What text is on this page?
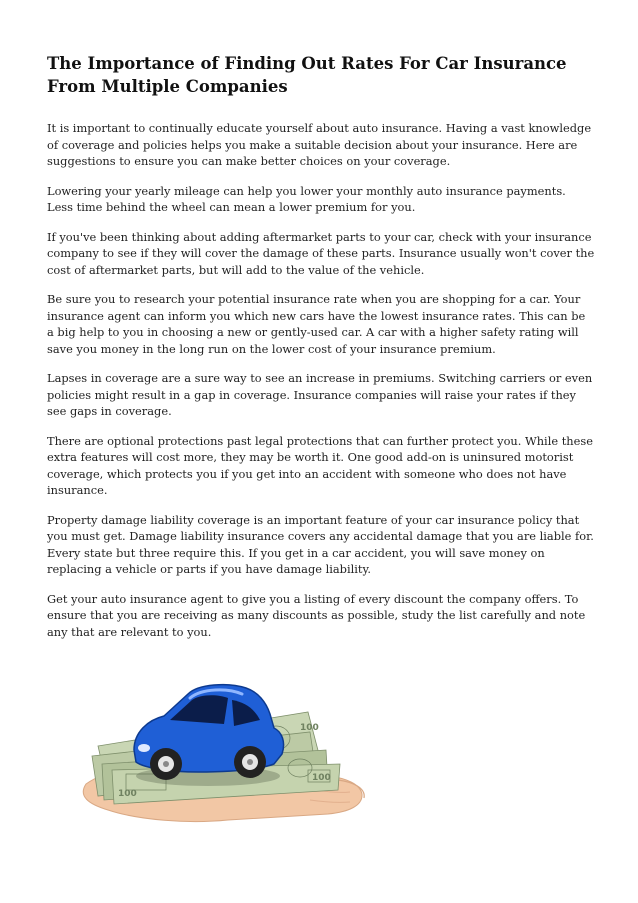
The Importance of Finding Out Rates For Car Insurance From Multiple Companies

It is important to continually educate yourself about auto insurance. Having a vast knowledge of coverage and policies helps you make a suitable decision about your insurance. Here are suggestions to ensure you can make better choices on your coverage.

Lowering your yearly mileage can help you lower your monthly auto insurance payments. Less time behind the wheel can mean a lower premium for you.

If you've been thinking about adding aftermarket parts to your car, check with your insurance company to see if they will cover the damage of these parts. Insurance usually won't cover the cost of aftermarket parts, but will add to the value of the vehicle.

Be sure you to research your potential insurance rate when you are shopping for a car. Your insurance agent can inform you which new cars have the lowest insurance rates. This can be a big help to you in choosing a new or gently-used car. A car with a higher safety rating will save you money in the long run on the lower cost of your insurance premium.

Lapses in coverage are a sure way to see an increase in premiums. Switching carriers or even policies might result in a gap in coverage. Insurance companies will raise your rates if they see gaps in coverage.

There are optional protections past legal protections that can further protect you. While these extra features will cost more, they may be worth it. One good add-on is uninsured motorist coverage, which protects you if you get into an accident with someone who does not have insurance.

Property damage liability coverage is an important feature of your car insurance policy that you must get. Damage liability insurance covers any accidental damage that you are liable for. Every state but three require this. If you get in a car accident, you will save money on replacing a vehicle or parts if you have damage liability.

Get your auto insurance agent to give you a listing of every discount the company offers. To ensure that you are receiving as many discounts as possible, study the list carefully and note any that are relevant to you.

100
100
100
